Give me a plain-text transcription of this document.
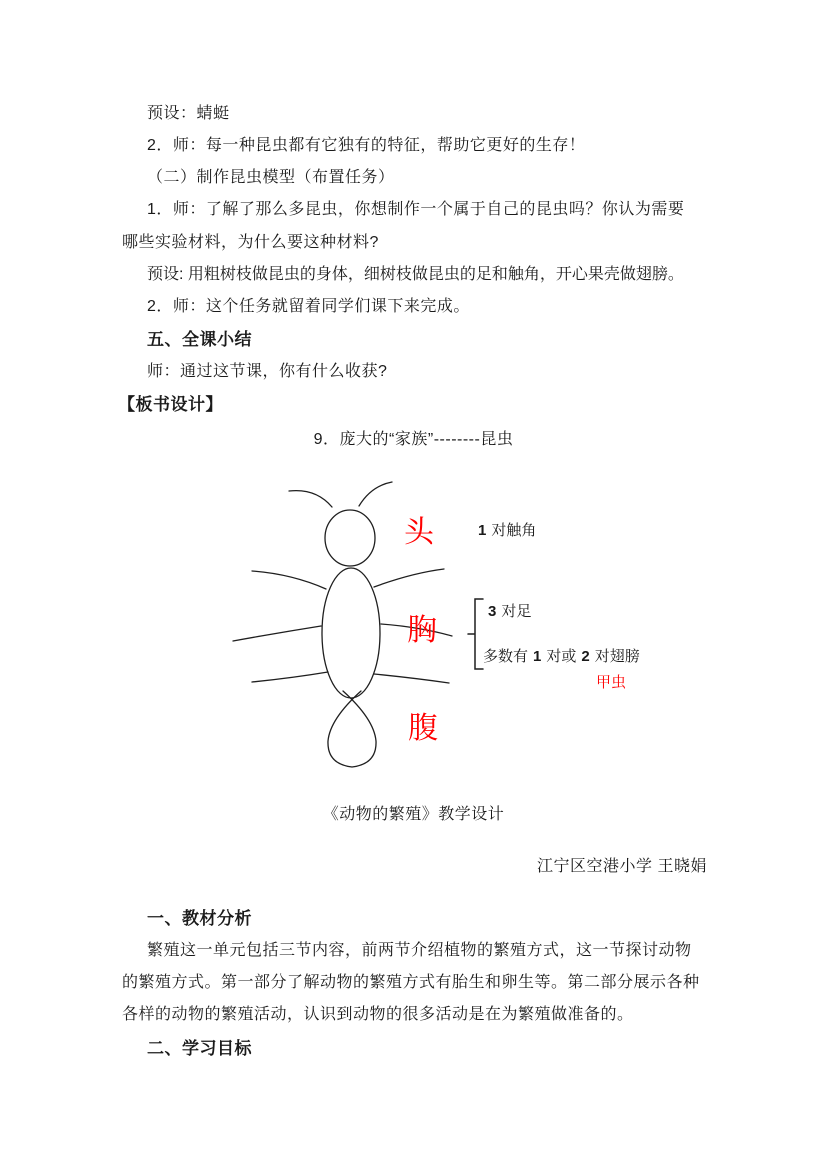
预设：蜻蜓
2．师：每一种昆虫都有它独有的特征，帮助它更好的生存！
（二）制作昆虫模型（布置任务）
1．师：了解了那么多昆虫，你想制作一个属于自己的昆虫吗？你认为需要
哪些实验材料，为什么要这种材料?
预设: 用粗树枝做昆虫的身体，细树枝做昆虫的足和触角，开心果壳做翅膀。
2．师：这个任务就留着同学们课下来完成。
五、全课小结
师：通过这节课，你有什么收获?
【板书设计】
9．庞大的“家族”--------昆虫
头	1 对触角
胸
3 对足
多数有 1 对或 2 对翅膀
甲虫
腹
《动物的繁殖》教学设计
江宁区空港小学 王晓娟
一、教材分析
繁殖这一单元包括三节内容，前两节介绍植物的繁殖方式，这一节探讨动物
的繁殖方式。第一部分了解动物的繁殖方式有胎生和卵生等。第二部分展示各种
各样的动物的繁殖活动，认识到动物的很多活动是在为繁殖做准备的。
二、学习目标
